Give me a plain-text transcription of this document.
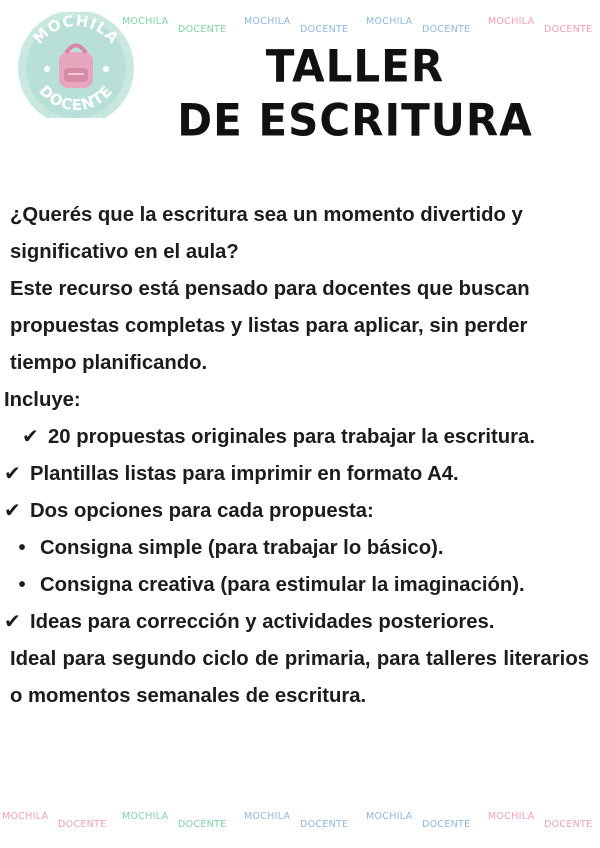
MOCHILA
DOCENTE
MOCHILA
DOCENTE
MOCHILA
DOCENTE
MOCHILA
DOCENTE
MOCHILA
DOCENTE	TALLER
DE ESCRITURA

¿Querés que la escritura sea un momento divertido y significativo en el aula?

Este recurso está pensado para docentes que buscan propuestas completas y listas para aplicar, sin perder tiempo planificando.

Incluye:

✔ 20 propuestas originales para trabajar la escritura.

✔ Plantillas listas para imprimir en formato A4.

✔ Dos opciones para cada propuesta:

• Consigna simple (para trabajar lo básico).

• Consigna creativa (para estimular la imaginación).

✔ Ideas para corrección y actividades posteriores.

Ideal para segundo ciclo de primaria, para talleres literarios o momentos semanales de escritura.

MOCHILA
DOCENTE
MOCHILA
DOCENTE
MOCHILA
DOCENTE
MOCHILA
DOCENTE
MOCHILA
DOCENTE
